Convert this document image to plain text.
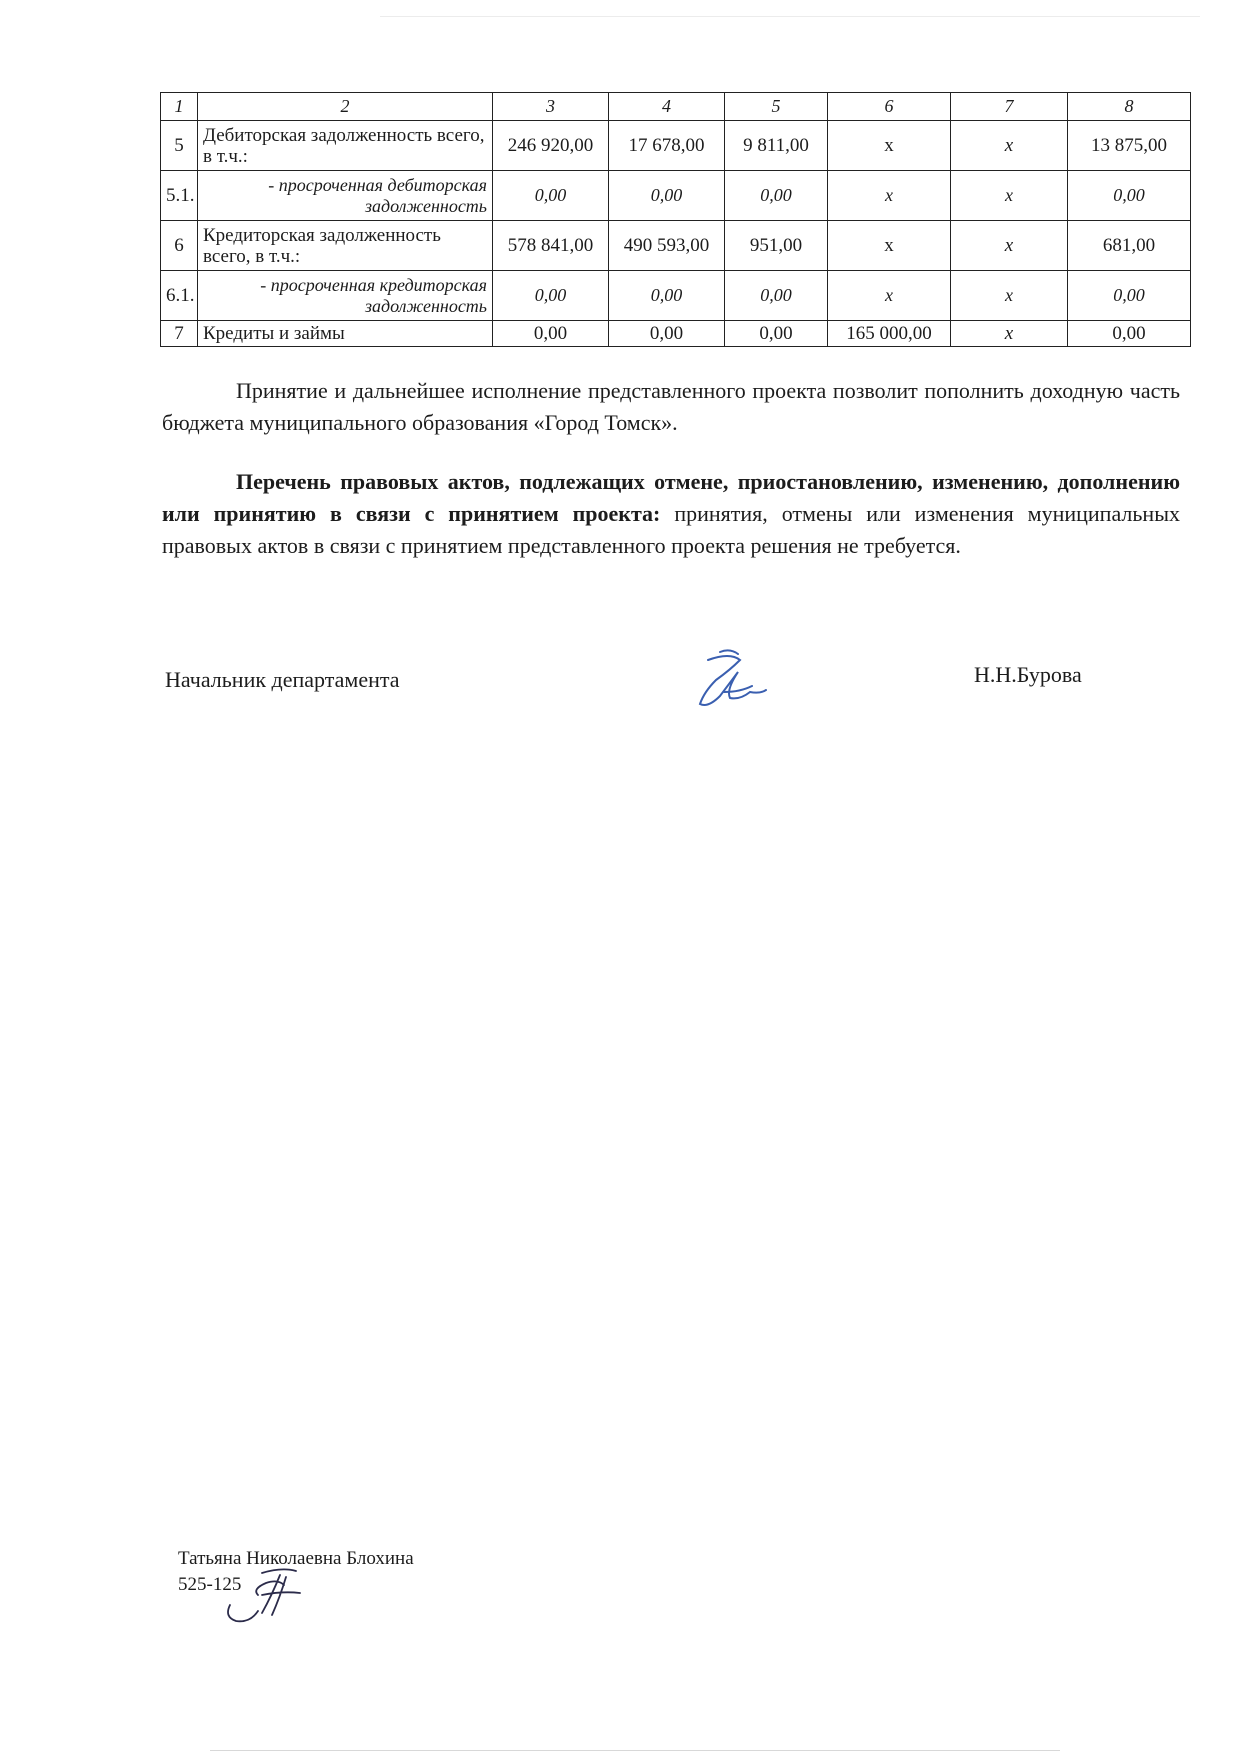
1	2	3	4	5	6	7	8
5	Дебиторская задолженность всего, в т.ч.:	246 920,00	17 678,00	9 811,00	х	x	13 875,00
5.1.	- просроченная дебиторская задолженность	0,00	0,00	0,00	x	x	0,00
6	Кредиторская задолженность всего, в т.ч.:	578 841,00	490 593,00	951,00	х	x	681,00
6.1.	- просроченная кредиторская задолженность	0,00	0,00	0,00	x	x	0,00
7	Кредиты и займы	0,00	0,00	0,00	165 000,00	x	0,00

Принятие и дальнейшее исполнение представленного проекта позволит пополнить доходную часть бюджета муниципального образования «Город Томск».

Перечень правовых актов, подлежащих отмене, приостановлению, изменению, дополнению или принятию в связи с принятием проекта: принятия, отмены или изменения муниципальных правовых актов в связи с принятием представленного проекта решения не требуется.

Начальник департамента	Н.Н.Бурова
Татьяна Николаевна Блохина
525-125
